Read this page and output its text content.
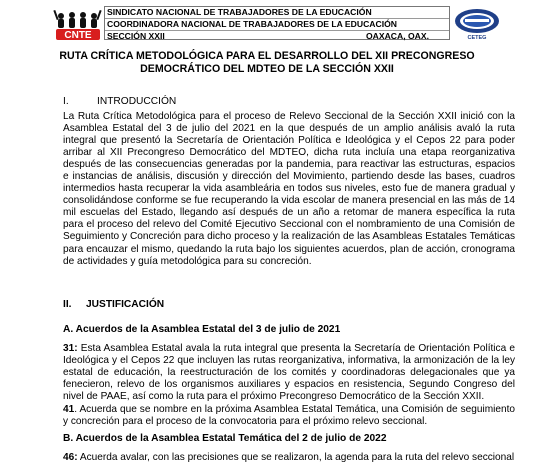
CNTE
SINDICATO NACIONAL DE TRABAJADORES DE LA EDUCACIÓN
COORDINADORA NACIONAL DE TRABAJADORES DE LA EDUCACIÓN
SECCIÓN XXII	OAXACA, OAX.	CETEG
RUTA CRÍTICA METODOLÓGICA PARA EL DESARROLLO DEL XII PRECONGRESO
DEMOCRÁTICO DEL MDTEO DE LA SECCIÓN XXII
I.	INTRODUCCIÓN
La Ruta Crítica Metodológica para el proceso de Relevo Seccional de la Sección XXII inició con la Asamblea Estatal del 3 de julio del 2021 en la que después de un amplio análisis avaló la ruta integral que presentó la Secretaría de Orientación Política e Ideológica y el Cepos 22 para poder arribar al XII Precongreso Democrático del MDTEO, dicha ruta incluía una etapa reorganizativa después de las consecuencias generadas por la pandemia, para reactivar las estructuras, espacios e instancias de análisis, discusión y dirección del Movimiento, partiendo desde las bases, cuadros intermedios hasta recuperar la vida asambleária en todos sus niveles, esto fue de manera gradual y consolidándose conforme se fue recuperando la vida escolar de manera presencial en las más de 14 mil escuelas del Estado, llegando así después de un año a retomar de manera específica la ruta para el proceso del relevo del Comité Ejecutivo Seccional con el nombramiento de una Comisión de Seguimiento y Concreción para dicho proceso y la realización de las Asambleas Estatales Temáticas para encauzar el mismo, quedando la ruta bajo los siguientes acuerdos, plan de acción, cronograma de actividades y guía metodológica para su concreción.
II. JUSTIFICACIÓN
A. Acuerdos de la Asamblea Estatal del 3 de julio de 2021
31: Esta Asamblea Estatal avala la ruta integral que presenta la Secretaría de Orientación Política e Ideológica y el Cepos 22 que incluyen las rutas reorganizativa, informativa, la armonización de la ley estatal de educación, la reestructuración de los comités y coordinadoras delegacionales que ya fenecieron, relevo de los organismos auxiliares y espacios en resistencia, Segundo Congreso del nivel de PAAE, así como la ruta para el próximo Precongreso Democrático de la Sección XXII.
41. Acuerda que se nombre en la próxima Asamblea Estatal Temática, una Comisión de seguimiento y concreción para el proceso de la convocatoria para el próximo relevo seccional.
B. Acuerdos de la Asamblea Estatal Temática del 2 de julio de 2022
46: Acuerda avalar, con las precisiones que se realizaron, la agenda para la ruta del relevo seccional
